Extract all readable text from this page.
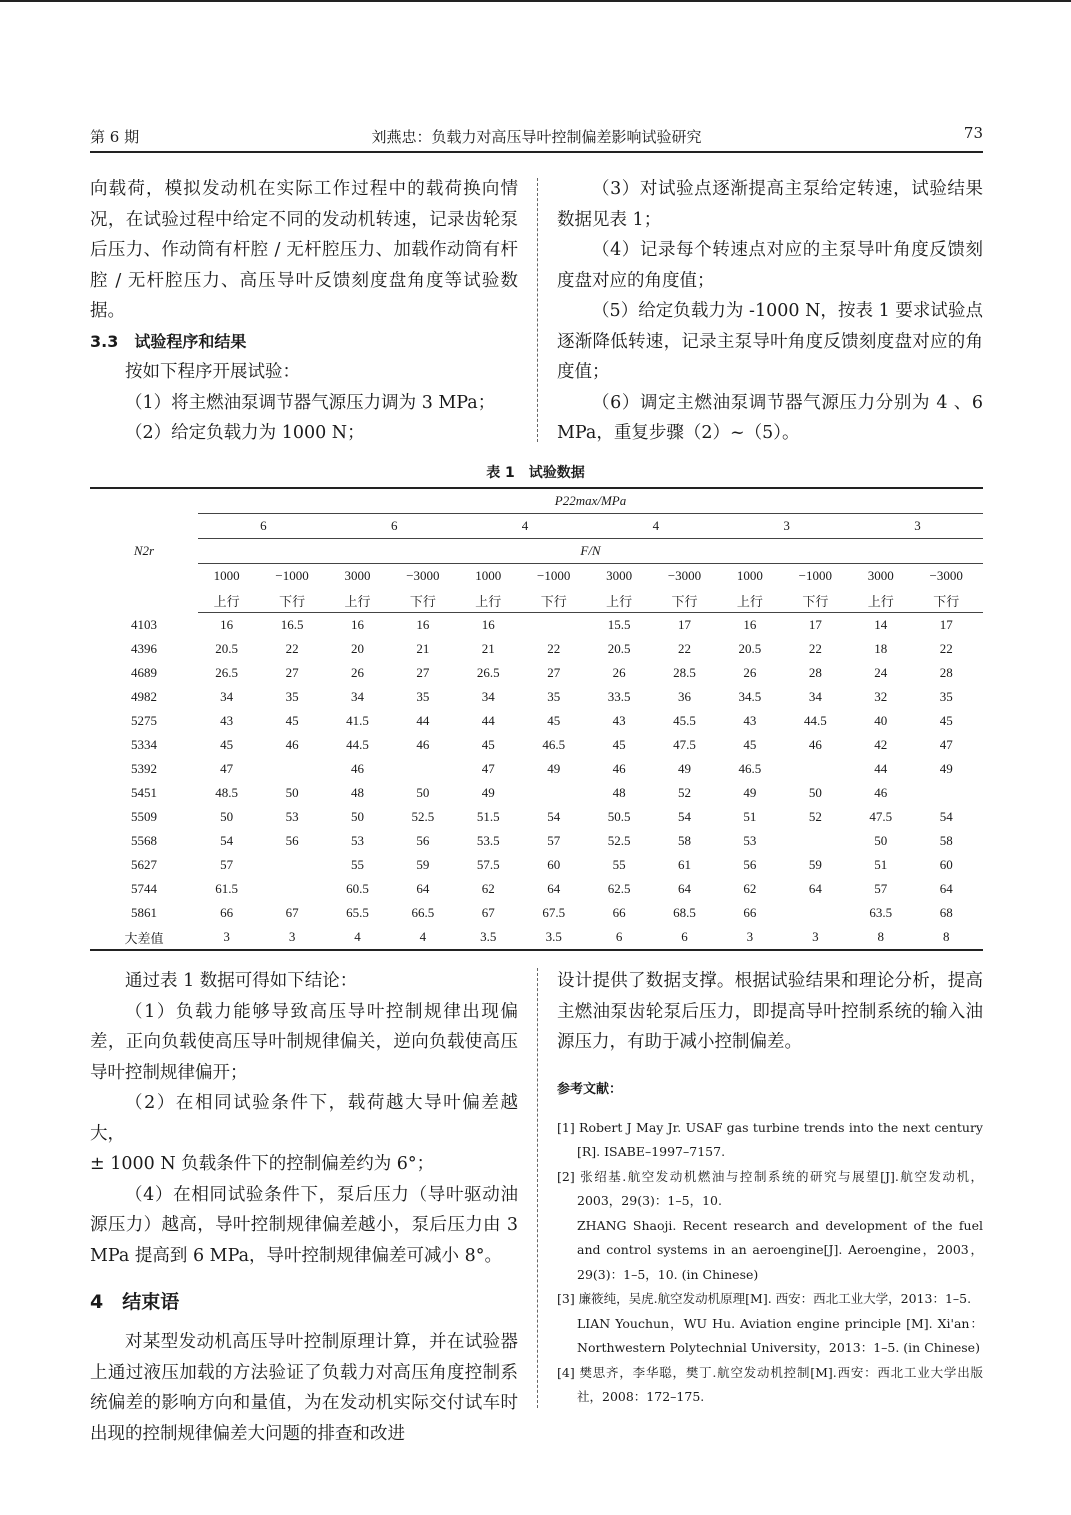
第 6 期	刘燕忠：负载力对高压导叶控制偏差影响试验研究	73

向载荷，模拟发动机在实际工作过程中的载荷换向情况，在试验过程中给定不同的发动机转速，记录齿轮泵后压力、作动筒有杆腔 / 无杆腔压力、加载作动筒有杆腔 / 无杆腔压力、高压导叶反馈刻度盘角度等试验数据。

3.3　试验程序和结果

按如下程序开展试验：

（1）将主燃油泵调节器气源压力调为 3 MPa；

（2）给定负载力为 1000 N；

（3）对试验点逐渐提高主泵给定转速，试验结果数据见表 1；

（4）记录每个转速点对应的主泵导叶角度反馈刻度盘对应的角度值；

（5）给定负载力为 -1000 N，按表 1 要求试验点逐渐降低转速，记录主泵导叶角度反馈刻度盘对应的角度值；

（6）调定主燃油泵调节器气源压力分别为 4 、6 MPa，重复步骤（2）~（5）。

表 1　试验数据
N2r	P22max/MPa											
	6		6		4		4		3		3	
	F/N											
	1000	−1000	3000	−3000	1000	−1000	3000	−3000	1000	−1000	3000	−3000
	上行	下行	上行	下行	上行	下行	上行	下行	上行	下行	上行	下行
4103	16	16.5	16	16	16		15.5	17	16	17	14	17
4396	20.5	22	20	21	21	22	20.5	22	20.5	22	18	22
4689	26.5	27	26	27	26.5	27	26	28.5	26	28	24	28
4982	34	35	34	35	34	35	33.5	36	34.5	34	32	35
5275	43	45	41.5	44	44	45	43	45.5	43	44.5	40	45
5334	45	46	44.5	46	45	46.5	45	47.5	45	46	42	47
5392	47		46		47	49	46	49	46.5		44	49
5451	48.5	50	48	50	49		48	52	49	50	46	
5509	50	53	50	52.5	51.5	54	50.5	54	51	52	47.5	54
5568	54	56	53	56	53.5	57	52.5	58	53		50	58
5627	57		55	59	57.5	60	55	61	56	59	51	60
5744	61.5		60.5	64	62	64	62.5	64	62	64	57	64
5861	66	67	65.5	66.5	67	67.5	66	68.5	66		63.5	68
大差值	3	3	4	4	3.5	3.5	6	6	3	3	8	8

通过表 1 数据可得如下结论：

（1）负载力能够导致高压导叶控制规律出现偏差，正向负载使高压导叶制规律偏关，逆向负载使高压导叶控制规律偏开；

（2）在相同试验条件下，载荷越大导叶偏差越大，

± 1000 N 负载条件下的控制偏差约为 6°；

（4）在相同试验条件下，泵后压力（导叶驱动油源压力）越高，导叶控制规律偏差越小，泵后压力由 3 MPa 提高到 6 MPa，导叶控制规律偏差可减小 8°。

4　结束语

对某型发动机高压导叶控制原理计算，并在试验器上通过液压加载的方法验证了负载力对高压角度控制系统偏差的影响方向和量值，为在发动机实际交付试车时出现的控制规律偏差大问题的排查和改进

设计提供了数据支撑。根据试验结果和理论分析，提高主燃油泵齿轮泵后压力，即提高导叶控制系统的输入油源压力，有助于减小控制偏差。

参考文献：

[1] Robert J May Jr. USAF gas turbine trends into the next century [R]. ISABE–1997–7157.

[2] 张绍基.航空发动机燃油与控制系统的研究与展望[J].航空发动机，2003，29(3)：1–5，10.

ZHANG Shaoji. Recent research and development of the fuel and control systems in an aeroengine[J]. Aeroengine，2003，29(3)：1–5，10. (in Chinese)

[3] 廉筱纯，吴虎.航空发动机原理[M]. 西安：西北工业大学，2013：1–5.

LIAN Youchun，WU Hu. Aviation engine principle [M]. Xi'an：Northwestern Polytechnial University，2013：1–5. (in Chinese)

[4] 樊思齐，李华聪，樊丁.航空发动机控制[M].西安：西北工业大学出版社，2008：172–175.
